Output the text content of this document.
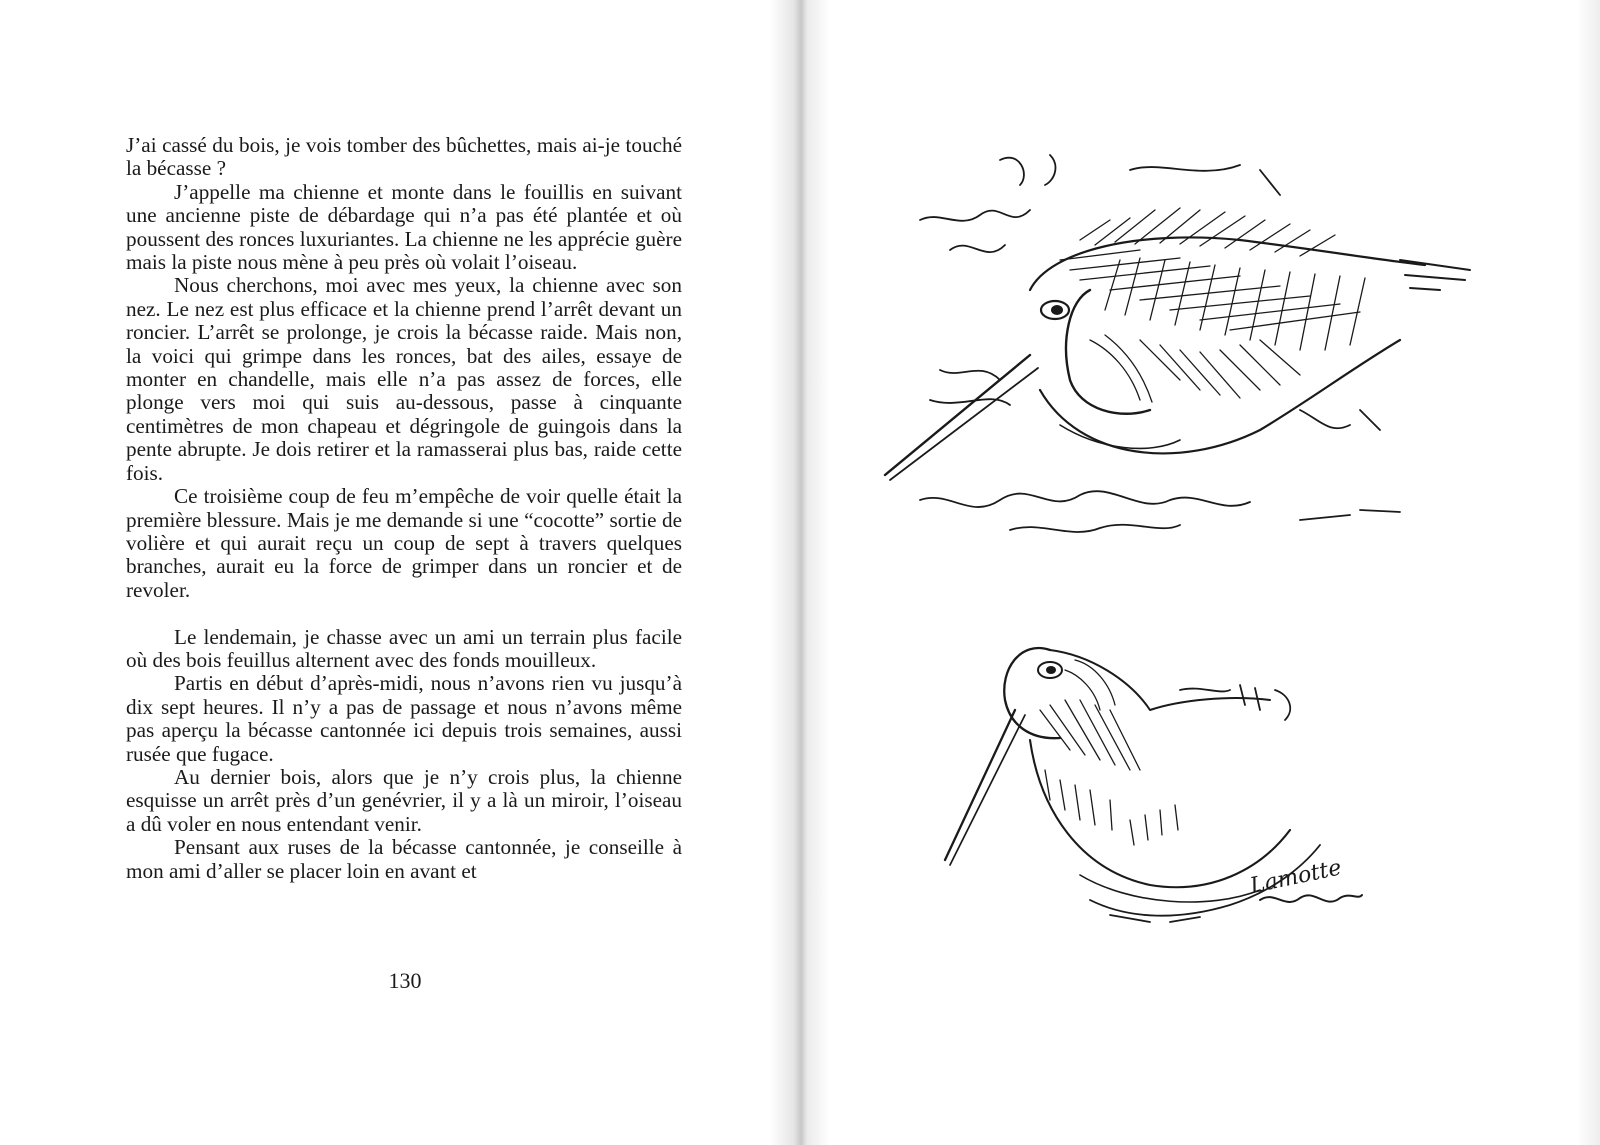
J’ai cassé du bois, je vois tomber des bûchettes, mais ai-je touché la bécasse ?

J’appelle ma chienne et monte dans le fouillis en suivant une ancienne piste de débardage qui n’a pas été plantée et où poussent des ronces luxuriantes. La chienne ne les apprécie guère mais la piste nous mène à peu près où volait l’oiseau.

Nous cherchons, moi avec mes yeux, la chienne avec son nez. Le nez est plus efficace et la chienne prend l’arrêt devant un roncier. L’arrêt se prolonge, je crois la bécasse raide. Mais non, la voici qui grimpe dans les ronces, bat des ailes, essaye de monter en chandelle, mais elle n’a pas assez de forces, elle plonge vers moi qui suis au-dessous, passe à cinquante centimètres de mon chapeau et dégringole de guingois dans la pente abrupte. Je dois retirer et la ramasserai plus bas, raide cette fois.

Ce troisième coup de feu m’empêche de voir quelle était la première blessure. Mais je me demande si une “cocotte” sortie de volière et qui aurait reçu un coup de sept à travers quelques branches, aurait eu la force de grimper dans un roncier et de revoler.

Le lendemain, je chasse avec un ami un terrain plus facile où des bois feuillus alternent avec des fonds mouilleux.

Partis en début d’après-midi, nous n’avons rien vu jusqu’à dix sept heures. Il n’y a pas de passage et nous n’avons même pas aperçu la bécasse cantonnée ici depuis trois semaines, aussi rusée que fugace.

Au dernier bois, alors que je n’y crois plus, la chienne esquisse un arrêt près d’un genévrier, il y a là un miroir, l’oiseau a dû voler en nous entendant venir.

Pensant aux ruses de la bécasse cantonnée, je conseille à mon ami d’aller se placer loin en avant et

130
Lamotte
